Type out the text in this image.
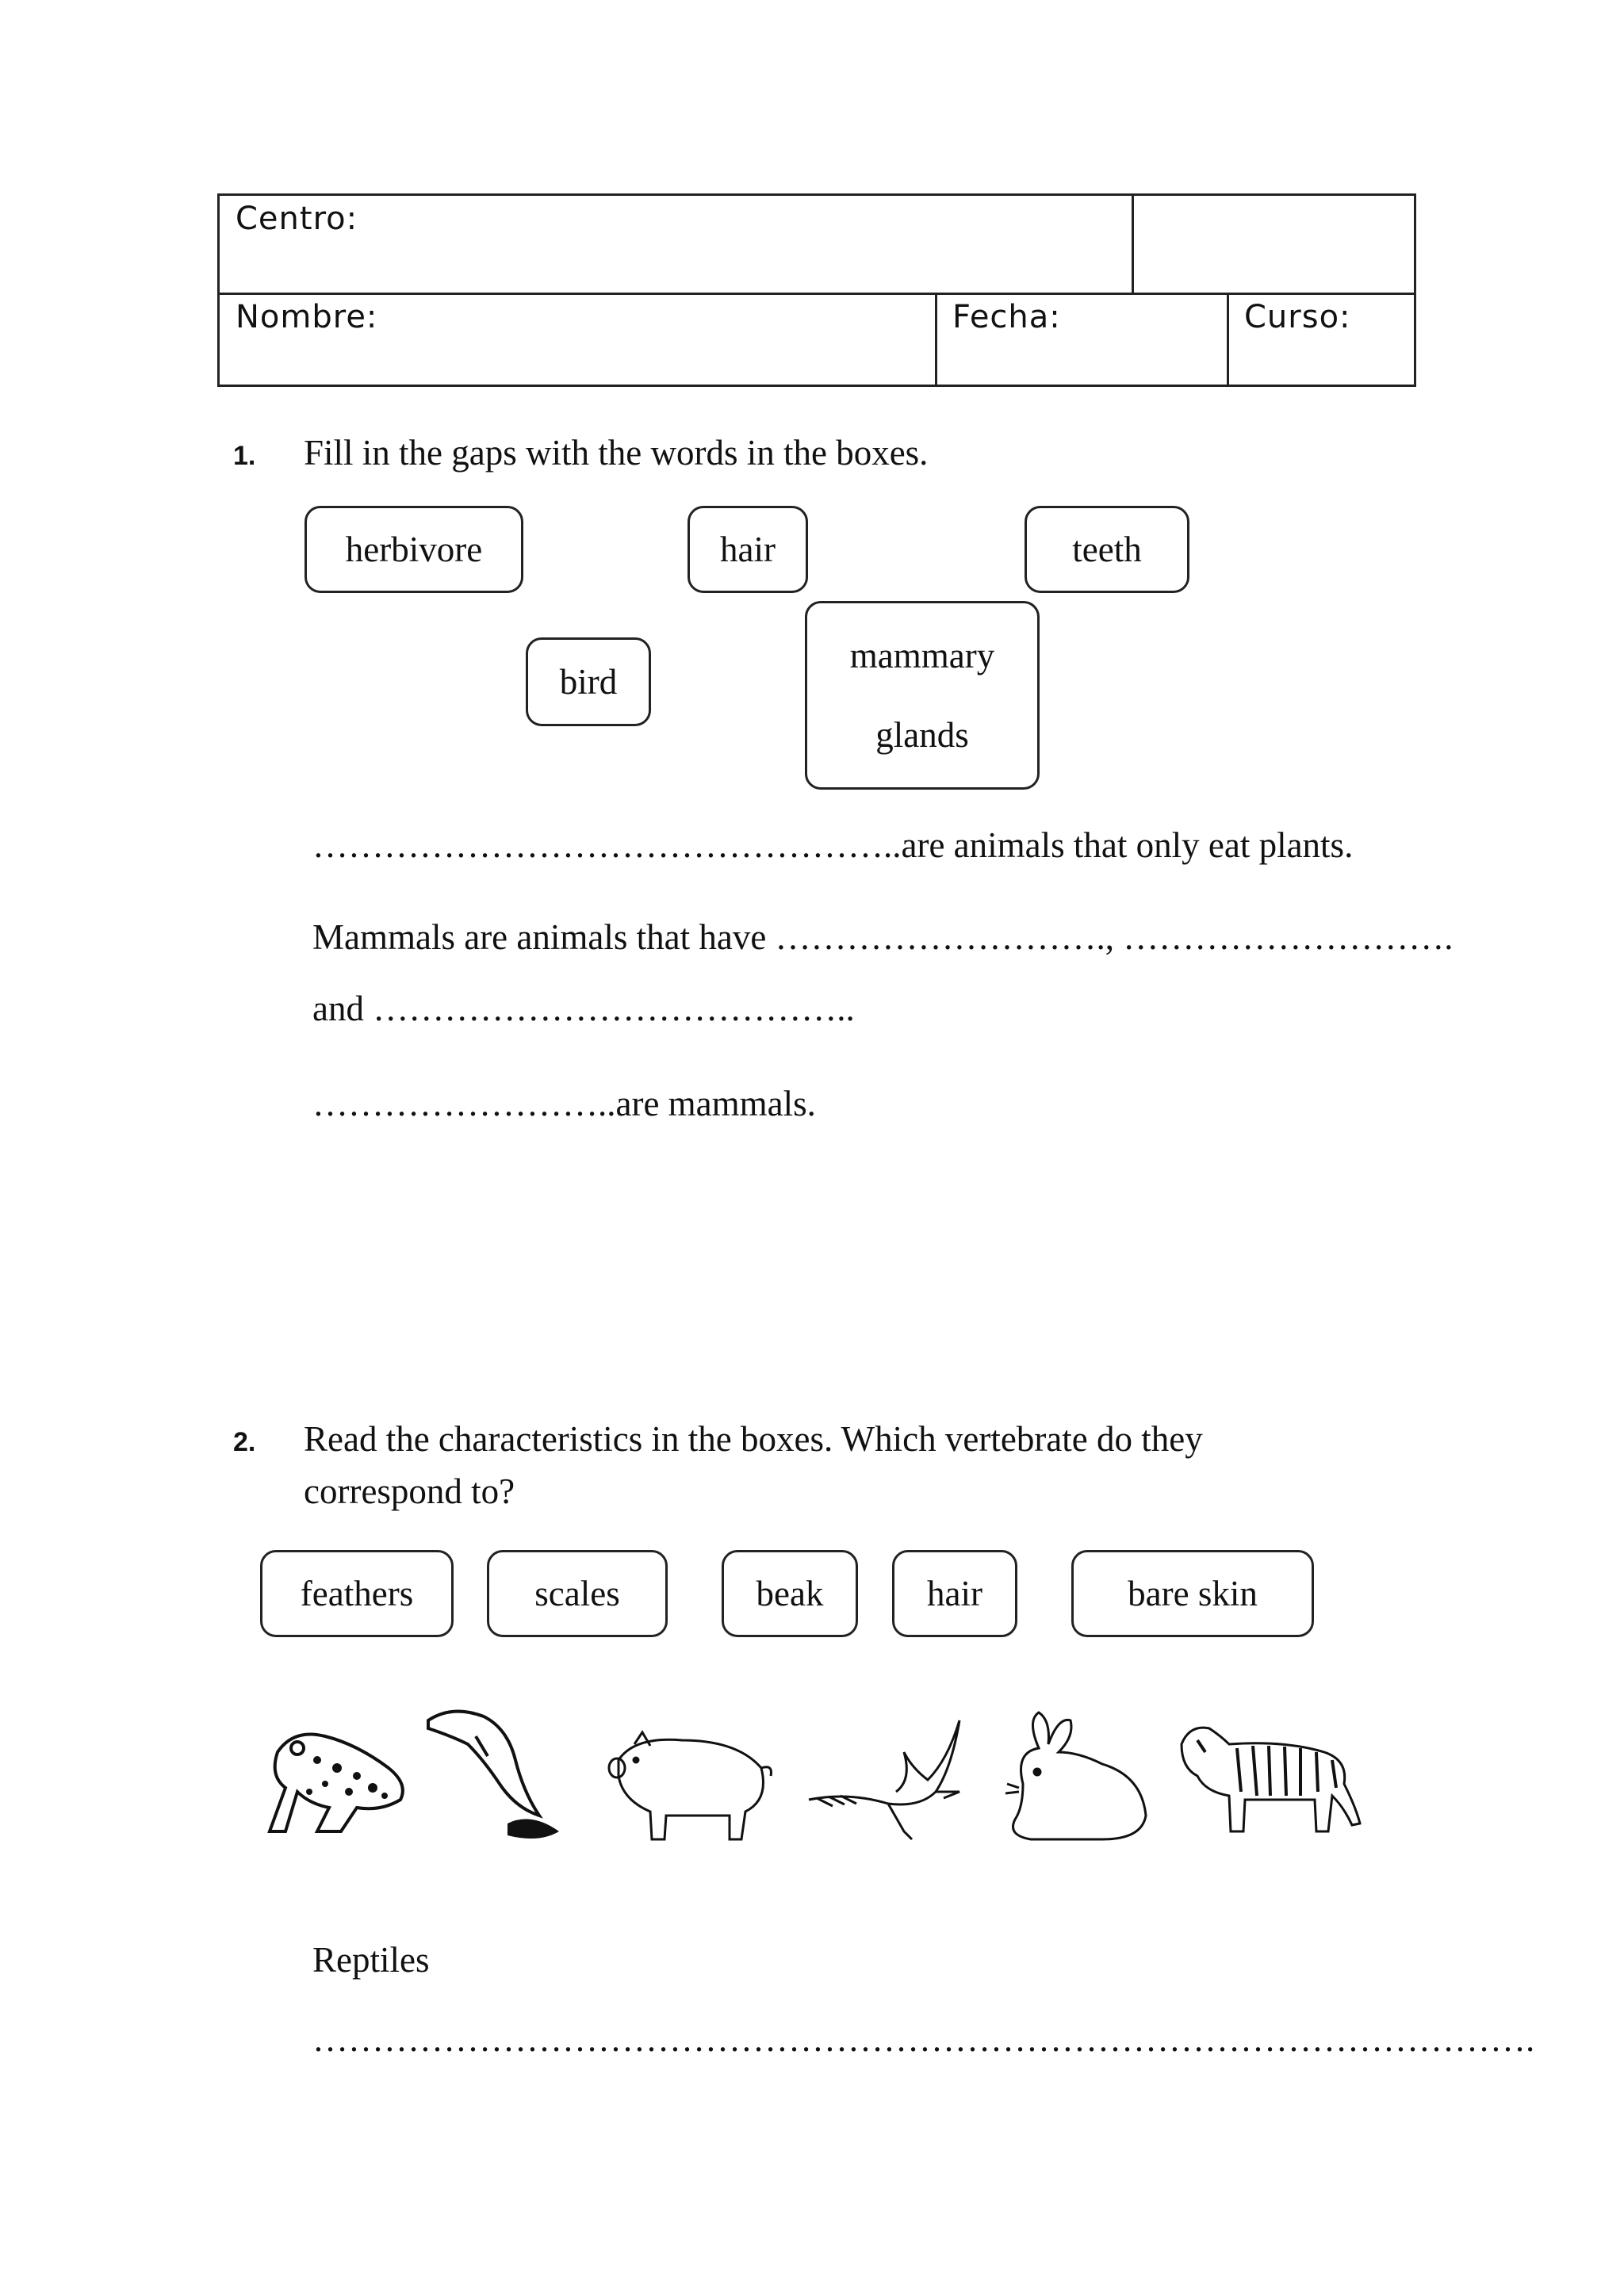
Centro:
Nombre:	Fecha:	Curso:
1. Fill in the gaps with the words in the boxes.
herbivore	hair	teeth
bird
mammary
glands
…………………………………………..are animals that only eat plants.
Mammals are animals that have ………………………., ……………………….
and …………………………………..
……………………..are mammals.
2. Read the characteristics in the boxes. Which vertebrate do they
correspond to?
feathers	scales	beak	hair	bare skin
Reptiles
………………………………………………………………………………………….
